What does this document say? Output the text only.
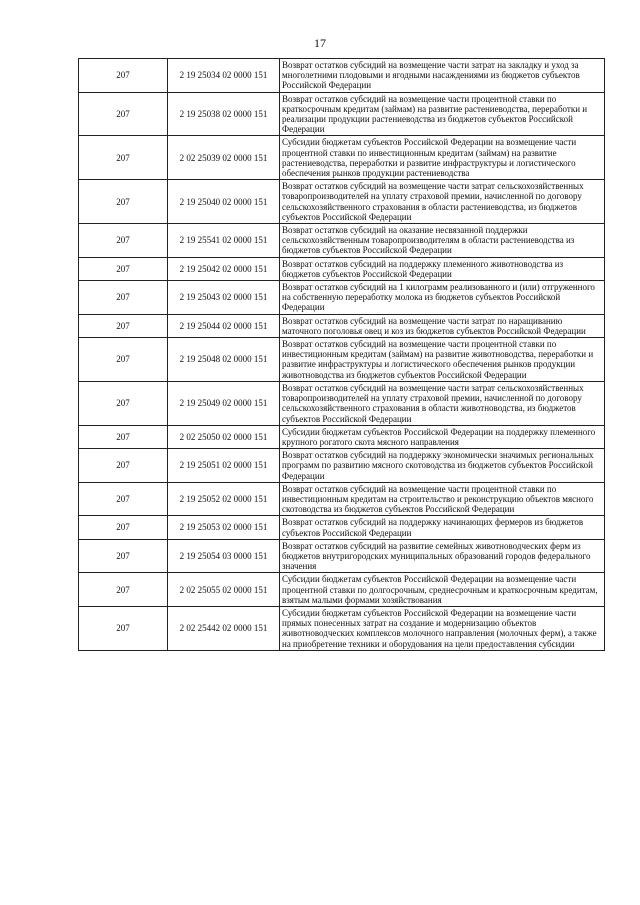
17
207	2 19 25034 02 0000 151	Возврат остатков субсидий на возмещение части затрат на закладку и уход за многолетними плодовыми и ягодными насаждениями из бюджетов субъектов Российской Федерации
207	2 19 25038 02 0000 151	Возврат остатков субсидий на возмещение части процентной ставки по краткосрочным кредитам (займам) на развитие растениеводства, переработки и реализации продукции растениеводства из бюджетов субъектов Российской Федерации
207	2 02 25039 02 0000 151	Субсидии бюджетам субъектов Российской Федерации на возмещение части процентной ставки по инвестиционным кредитам (займам) на развитие растениеводства, переработки и развитие инфраструктуры и логистического обеспечения рынков продукции растениеводства
207	2 19 25040 02 0000 151	Возврат остатков субсидий на возмещение части затрат сельскохозяйственных товаропроизводителей на уплату страховой премии, начисленной по договору сельскохозяйственного страхования в области растениеводства, из бюджетов субъектов Российской Федерации
207	2 19 25541 02 0000 151	Возврат остатков субсидий на оказание несвязанной поддержки сельскохозяйственным товаропроизводителям в области растениеводства из бюджетов субъектов Российской Федерации
207	2 19 25042 02 0000 151	Возврат остатков субсидий на поддержку племенного животноводства из бюджетов субъектов Российской Федерации
207	2 19 25043 02 0000 151	Возврат остатков субсидий на 1 килограмм реализованного и (или) отгруженного на собственную переработку молока из бюджетов субъектов Российской Федерации
207	2 19 25044 02 0000 151	Возврат остатков субсидий на возмещение части затрат по наращиванию маточного поголовья овец и коз из бюджетов субъектов Российской Федерации
207	2 19 25048 02 0000 151	Возврат остатков субсидий на возмещение части процентной ставки по инвестиционным кредитам (займам) на развитие животноводства, переработки и развитие инфраструктуры и логистического обеспечения рынков продукции животноводства из бюджетов субъектов Российской Федерации
207	2 19 25049 02 0000 151	Возврат остатков субсидий на возмещение части затрат сельскохозяйственных товаропроизводителей на уплату страховой премии, начисленной по договору сельскохозяйственного страхования в области животноводства, из бюджетов субъектов Российской Федерации
207	2 02 25050 02 0000 151	Субсидии бюджетам субъектов Российской Федерации на поддержку племенного крупного рогатого скота мясного направления
207	2 19 25051 02 0000 151	Возврат остатков субсидий на поддержку экономически значимых региональных программ по развитию мясного скотоводства из бюджетов субъектов Российской Федерации
207	2 19 25052 02 0000 151	Возврат остатков субсидий на возмещение части процентной ставки по инвестиционным кредитам на строительство и реконструкцию объектов мясного скотоводства из бюджетов субъектов Российской Федерации
207	2 19 25053 02 0000 151	Возврат остатков субсидий на поддержку начинающих фермеров из бюджетов субъектов Российской Федерации
207	2 19 25054 03 0000 151	Возврат остатков субсидий на развитие семейных животноводческих ферм из бюджетов внутригородских муниципальных образований городов федерального значения
207	2 02 25055 02 0000 151	Субсидии бюджетам субъектов Российской Федерации на возмещение части процентной ставки по долгосрочным, среднесрочным и краткосрочным кредитам, взятым малыми формами хозяйствования
207	2 02 25442 02 0000 151	Субсидии бюджетам субъектов Российской Федерации на возмещение части прямых понесенных затрат на создание и модернизацию объектов животноводческих комплексов молочного направления (молочных ферм), а также на приобретение техники и оборудования на цели предоставления субсидии
